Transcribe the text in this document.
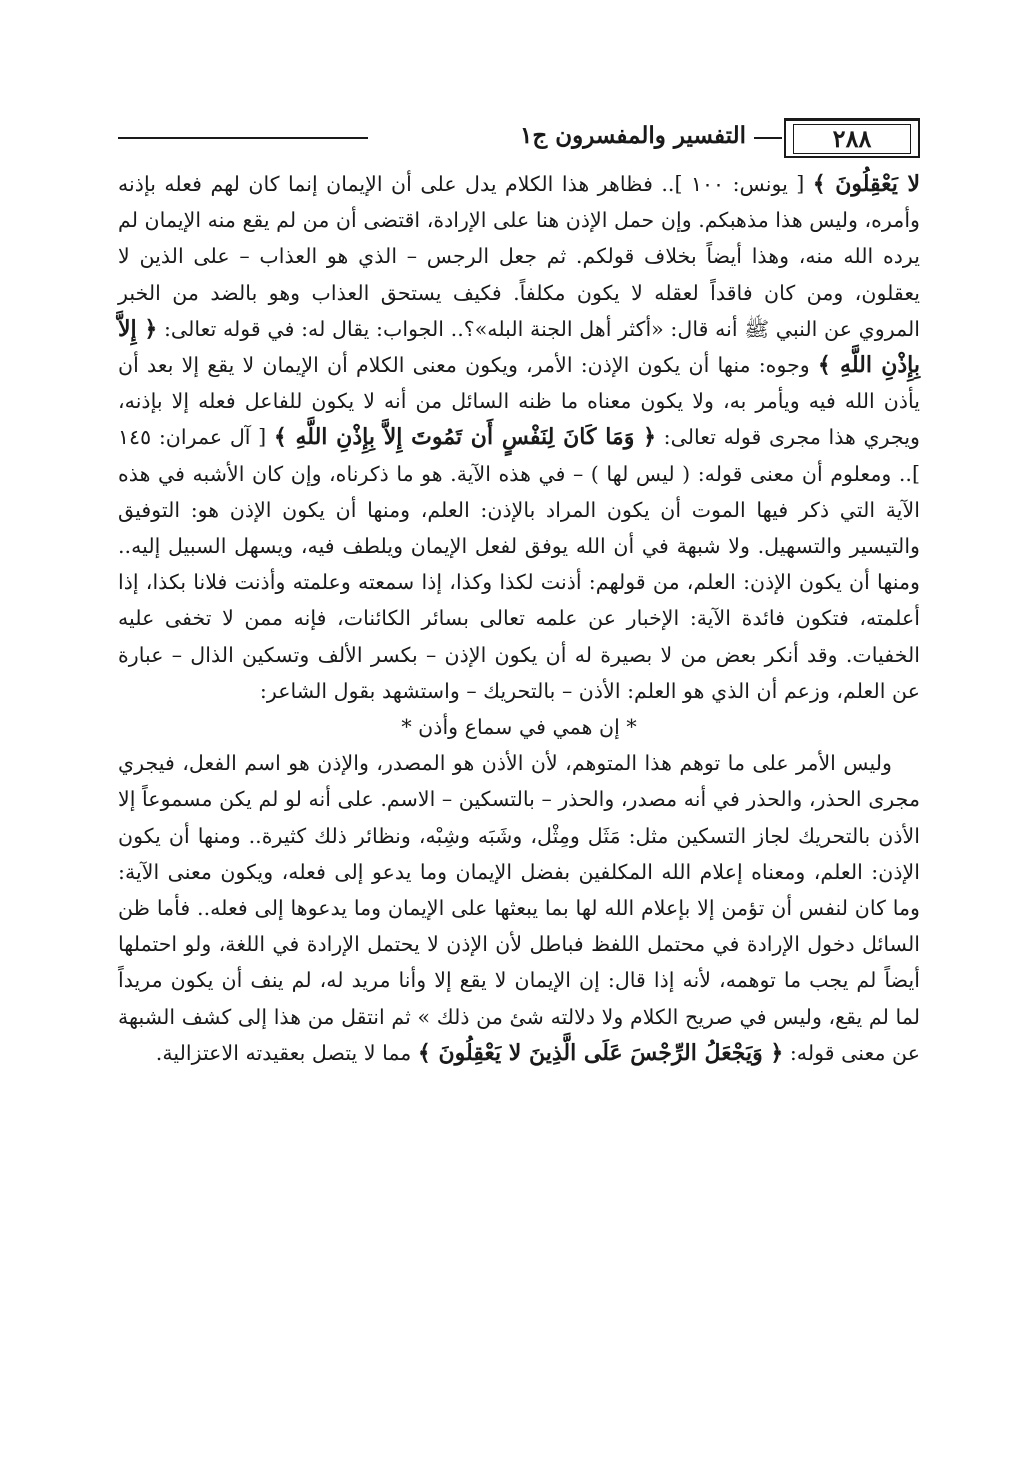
٢٨٨
التفسير والمفسرون ج١

لا يَعْقِلُونَ ﴾ [ يونس: ١٠٠ ].. فظاهر هذا الكلام يدل على أن الإيمان إنما كان لهم فعله بإذنه وأمره، وليس هذا مذهبكم. وإن حمل الإذن هنا على الإرادة، اقتضى أن من لم يقع منه الإيمان لم يرده الله منه، وهذا أيضاً بخلاف قولكم. ثم جعل الرجس – الذي هو العذاب – على الذين لا يعقلون، ومن كان فاقداً لعقله لا يكون مكلفاً. فكيف يستحق العذاب وهو بالضد من الخبر المروي عن النبي ﷺ أنه قال: «أكثر أهل الجنة البله»؟.. الجواب: يقال له: في قوله تعالى: ﴿ إِلاَّ بِإِذْنِ اللَّهِ ﴾ وجوه: منها أن يكون الإذن: الأمر، ويكون معنى الكلام أن الإيمان لا يقع إلا بعد أن يأذن الله فيه ويأمر به، ولا يكون معناه ما ظنه السائل من أنه لا يكون للفاعل فعله إلا بإذنه، ويجري هذا مجرى قوله تعالى: ﴿ وَمَا كَانَ لِنَفْسٍ أَن تَمُوتَ إِلاَّ بِإِذْنِ اللَّهِ ﴾ [ آل عمران: ١٤٥ ].. ومعلوم أن معنى قوله: ( ليس لها ) – في هذه الآية. هو ما ذكرناه، وإن كان الأشبه في هذه الآية التي ذكر فيها الموت أن يكون المراد بالإذن: العلم، ومنها أن يكون الإذن هو: التوفيق والتيسير والتسهيل. ولا شبهة في أن الله يوفق لفعل الإيمان ويلطف فيه، ويسهل السبيل إليه.. ومنها أن يكون الإذن: العلم، من قولهم: أذنت لكذا وكذا، إذا سمعته وعلمته وأذنت فلانا بكذا، إذا أعلمته، فتكون فائدة الآية: الإخبار عن علمه تعالى بسائر الكائنات، فإنه ممن لا تخفى عليه الخفيات. وقد أنكر بعض من لا بصيرة له أن يكون الإذن – بكسر الألف وتسكين الذال – عبارة عن العلم، وزعم أن الذي هو العلم: الأذن – بالتحريك – واستشهد بقول الشاعر:

* إن همي في سماع وأذن *

وليس الأمر على ما توهم هذا المتوهم، لأن الأذن هو المصدر، والإذن هو اسم الفعل، فيجري مجرى الحذر، والحذر في أنه مصدر، والحذر – بالتسكين – الاسم. على أنه لو لم يكن مسموعاً إلا الأذن بالتحريك لجاز التسكين مثل: مَثَل ومِثْل، وشَبَه وشِبْه، ونظائر ذلك كثيرة.. ومنها أن يكون الإذن: العلم، ومعناه إعلام الله المكلفين بفضل الإيمان وما يدعو إلى فعله، ويكون معنى الآية: وما كان لنفس أن تؤمن إلا بإعلام الله لها بما يبعثها على الإيمان وما يدعوها إلى فعله.. فأما ظن السائل دخول الإرادة في محتمل اللفظ فباطل لأن الإذن لا يحتمل الإرادة في اللغة، ولو احتملها أيضاً لم يجب ما توهمه، لأنه إذا قال: إن الإيمان لا يقع إلا وأنا مريد له، لم ينف أن يكون مريداً لما لم يقع، وليس في صريح الكلام ولا دلالته شئ من ذلك » ثم انتقل من هذا إلى كشف الشبهة عن معنى قوله: ﴿ وَيَجْعَلُ الرِّجْسَ عَلَى الَّذِينَ لا يَعْقِلُونَ ﴾ مما لا يتصل بعقيدته الاعتزالية.
